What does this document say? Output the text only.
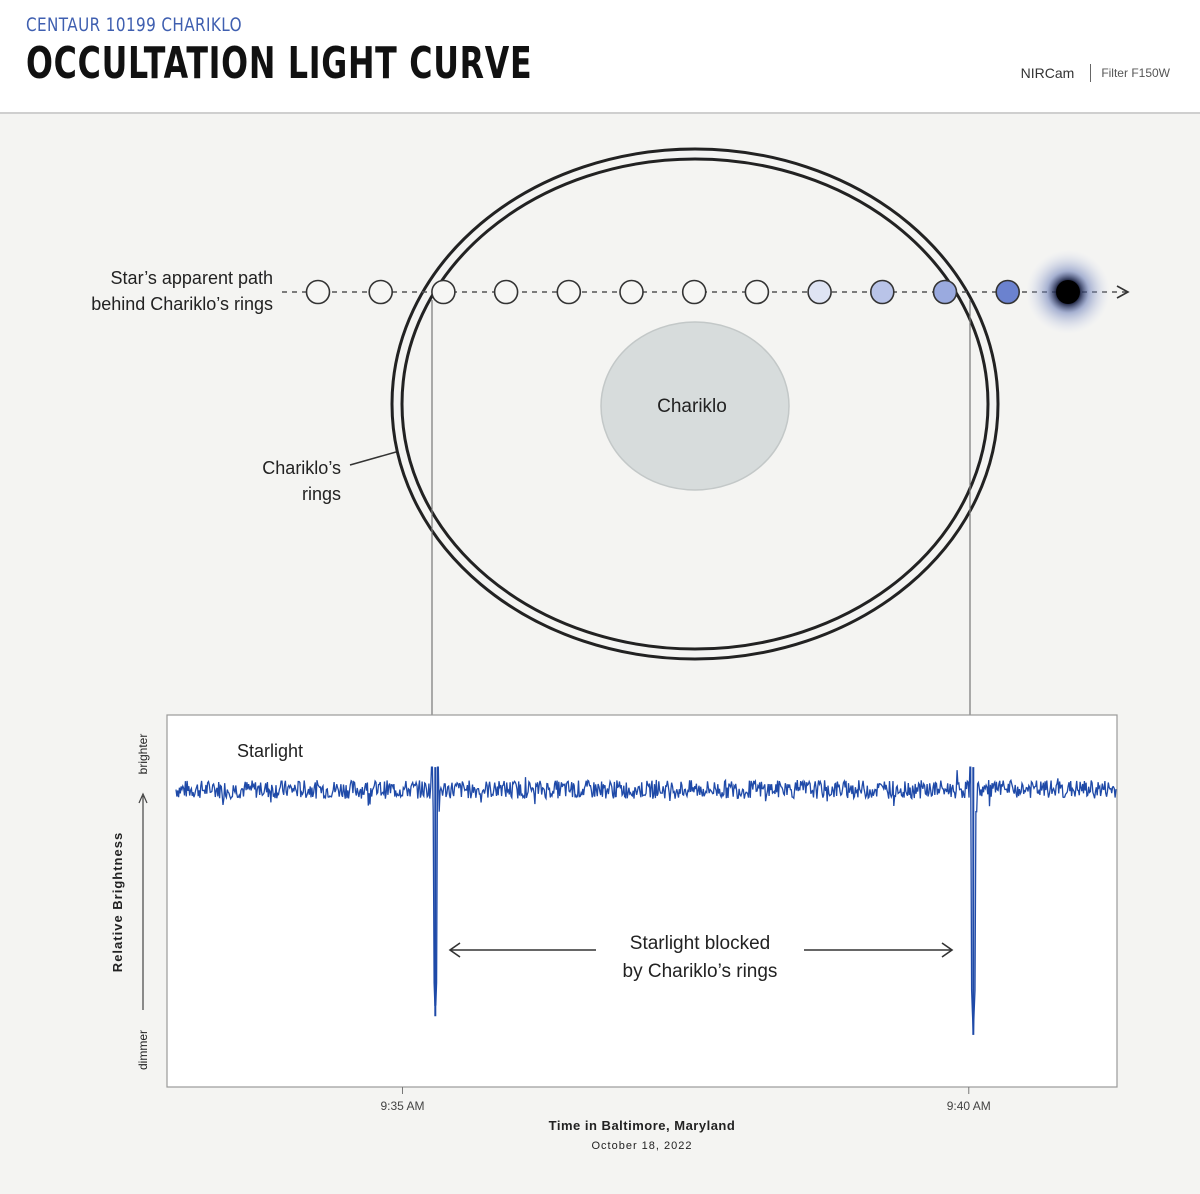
CENTAUR 10199 CHARIKLO
OCCULTATION LIGHT CURVE	NIRCam Filter F150W
Chariklo
Star’s apparent path
behind Chariklo’s rings
Chariklo’s
rings
Starlight
Starlight blocked
by Chariklo’s rings
Relative Brightness
brighter
dimmer
9:35 AM	9:40 AM
Time in Baltimore, Maryland
October 18, 2022
